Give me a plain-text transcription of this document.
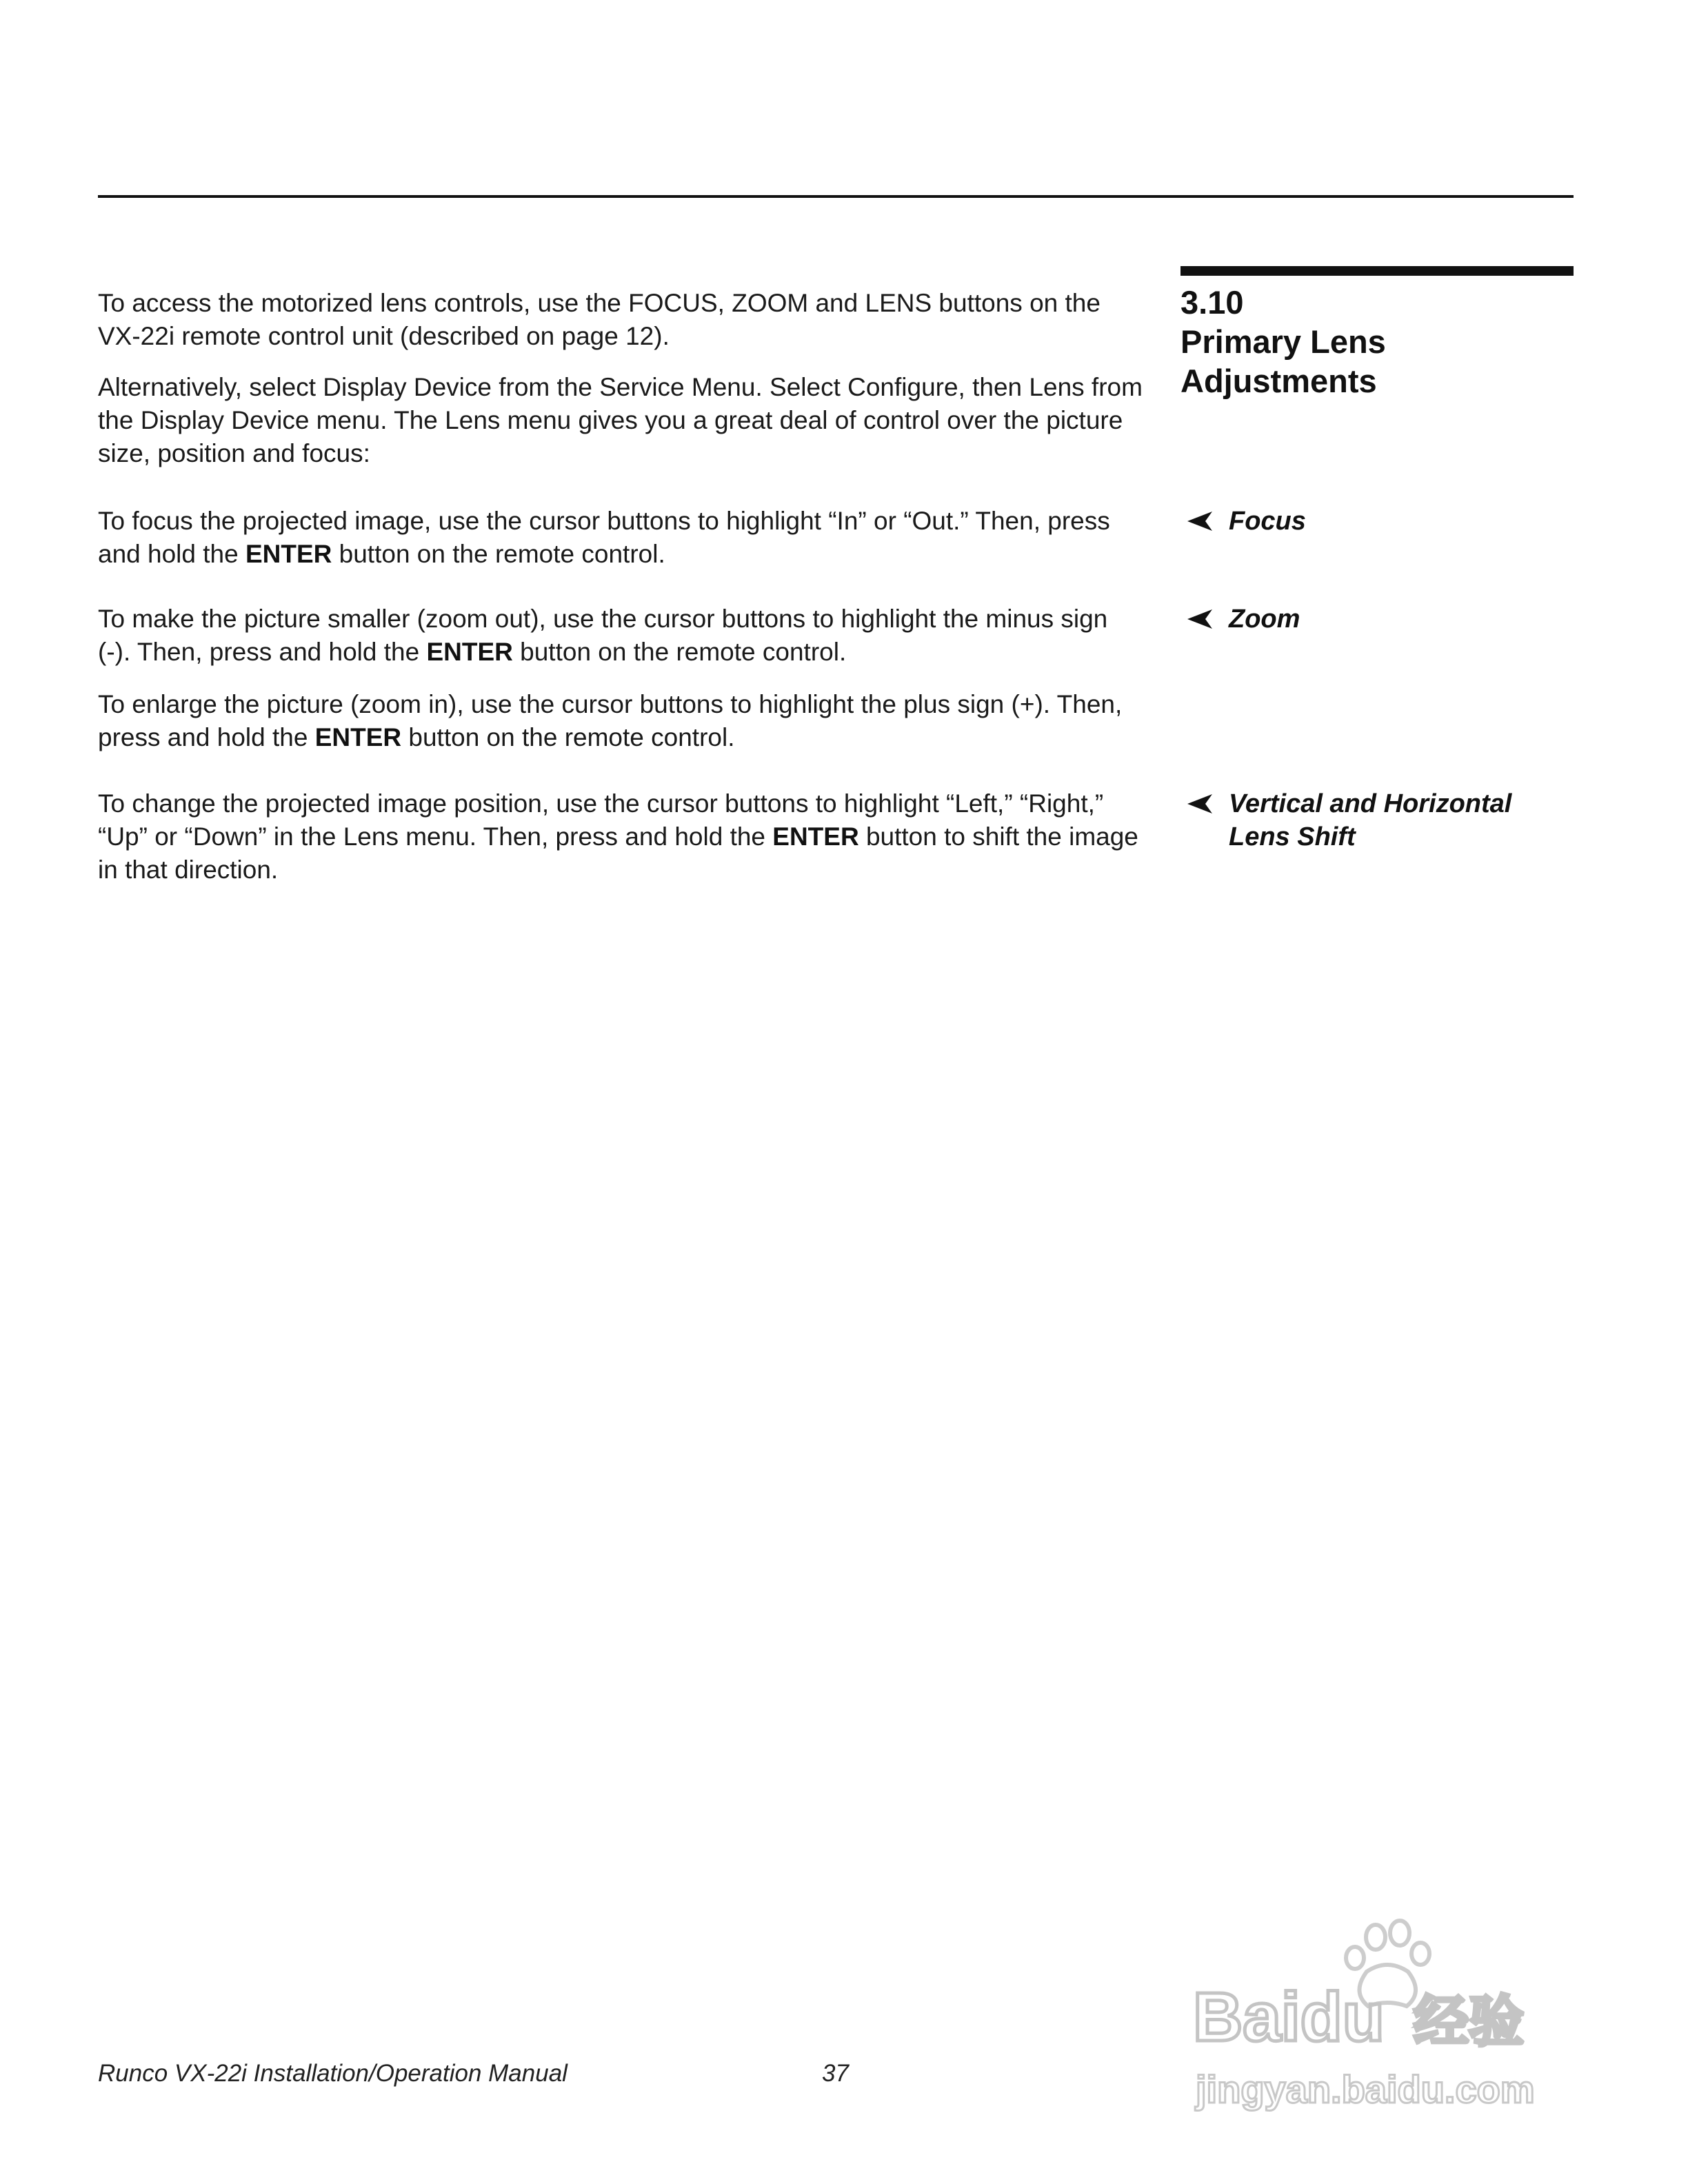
3.10
Primary Lens
Adjustments

To access the motorized lens controls, use the FOCUS, ZOOM and LENS buttons on the VX-22i remote control unit (described on page 12).

Alternatively, select Display Device from the Service Menu. Select Configure, then Lens from the Display Device menu. The Lens menu gives you a great deal of control over the picture size, position and focus:

To focus the projected image, use the cursor buttons to highlight “In” or “Out.” Then, press and hold the ENTER button on the remote control.

To make the picture smaller (zoom out), use the cursor buttons to highlight the minus sign (-). Then, press and hold the ENTER button on the remote control.

To enlarge the picture (zoom in), use the cursor buttons to highlight the plus sign (+). Then, press and hold the ENTER button on the remote control.

To change the projected image position, use the cursor buttons to highlight “Left,” “Right,” “Up” or “Down” in the Lens menu. Then, press and hold the ENTER button to shift the image in that direction.

Focus
Zoom
Vertical and Horizontal
Lens Shift
Runco VX-22i Installation/Operation Manual	37
Baidu 经验
jingyan.baidu.com
